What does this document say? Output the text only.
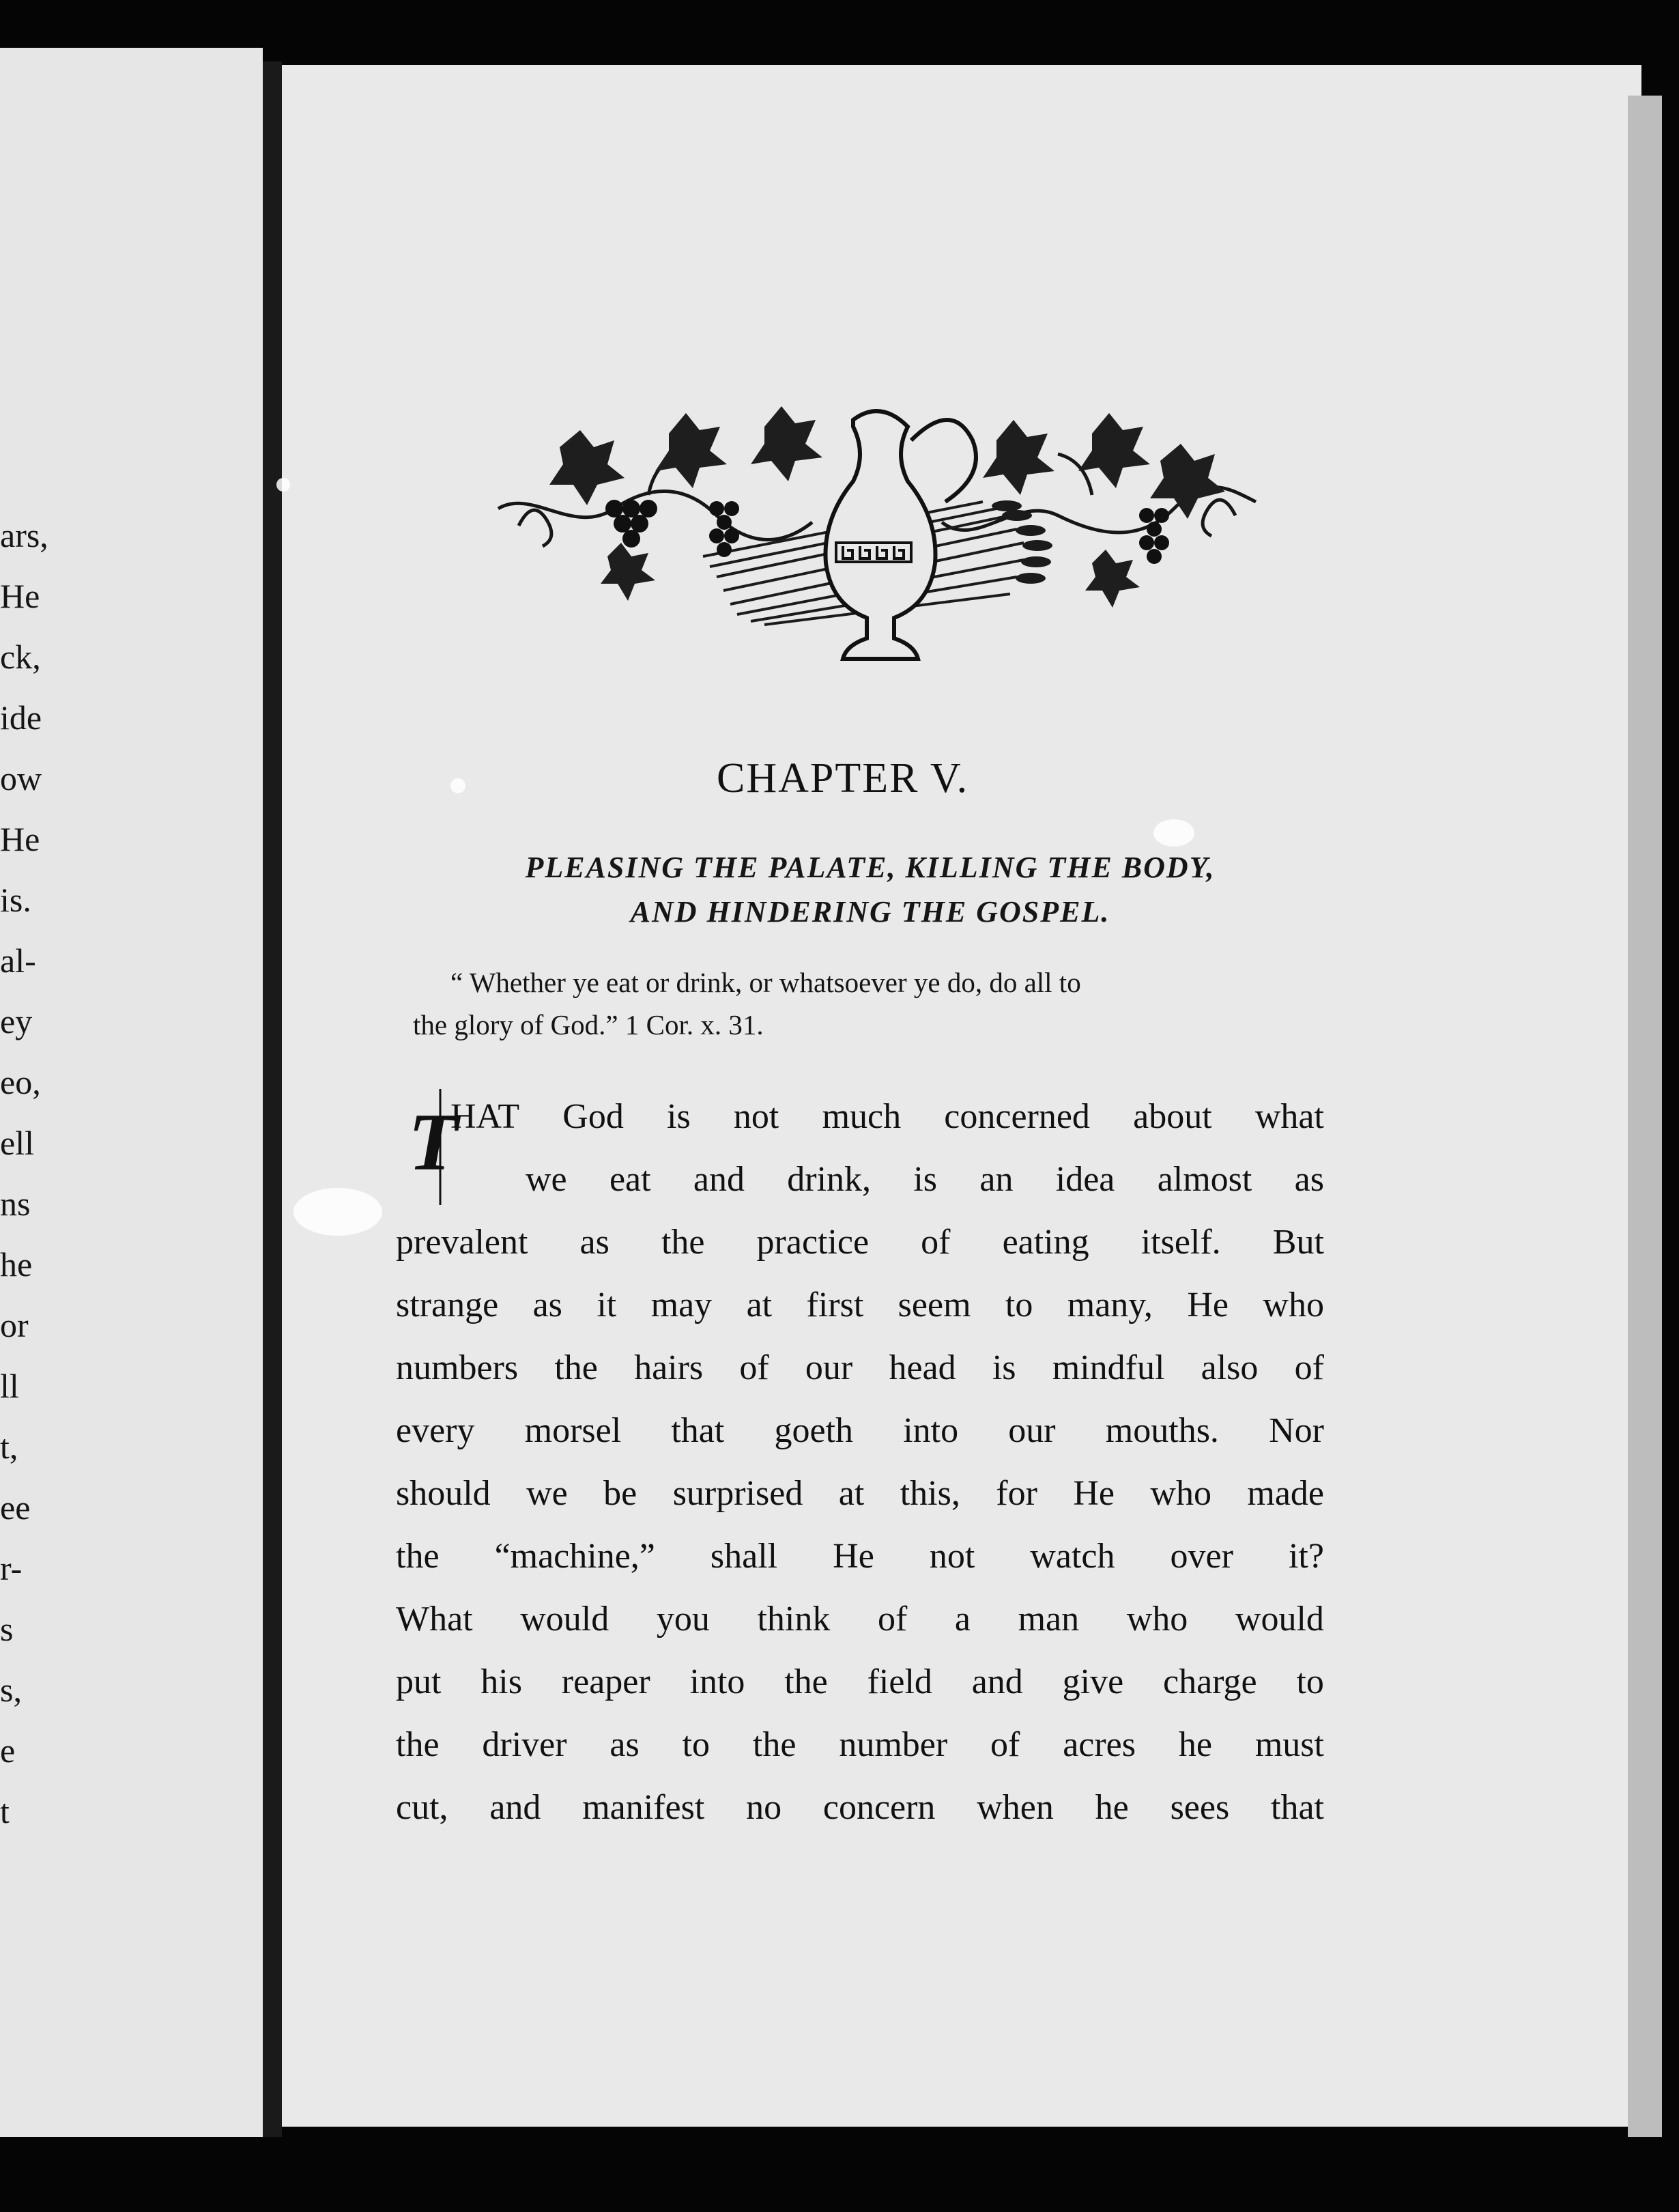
ars,
He
ck,
ide
ow
He
is.
al-
ey
eo,
ell
ns
he
or
ll
t,
ee
r-
s
s,
e
t
CHAPTER V.
PLEASING THE PALATE, KILLING THE BODY,
AND HINDERING THE GOSPEL.
“ Whether ye eat or drink, or whatsoever ye do, do all to
the glory of God.” 1 Cor. x. 31.
T
HAT God is not much concerned about what
we eat and drink, is an idea almost as
prevalent as the practice of eating itself. But
strange as it may at first seem to many, He who
numbers the hairs of our head is mindful also of
every morsel that goeth into our mouths. Nor
should we be surprised at this, for He who made
the “machine,” shall He not watch over it?
What would you think of a man who would
put his reaper into the field and give charge to
the driver as to the number of acres he must
cut, and manifest no concern when he sees that
